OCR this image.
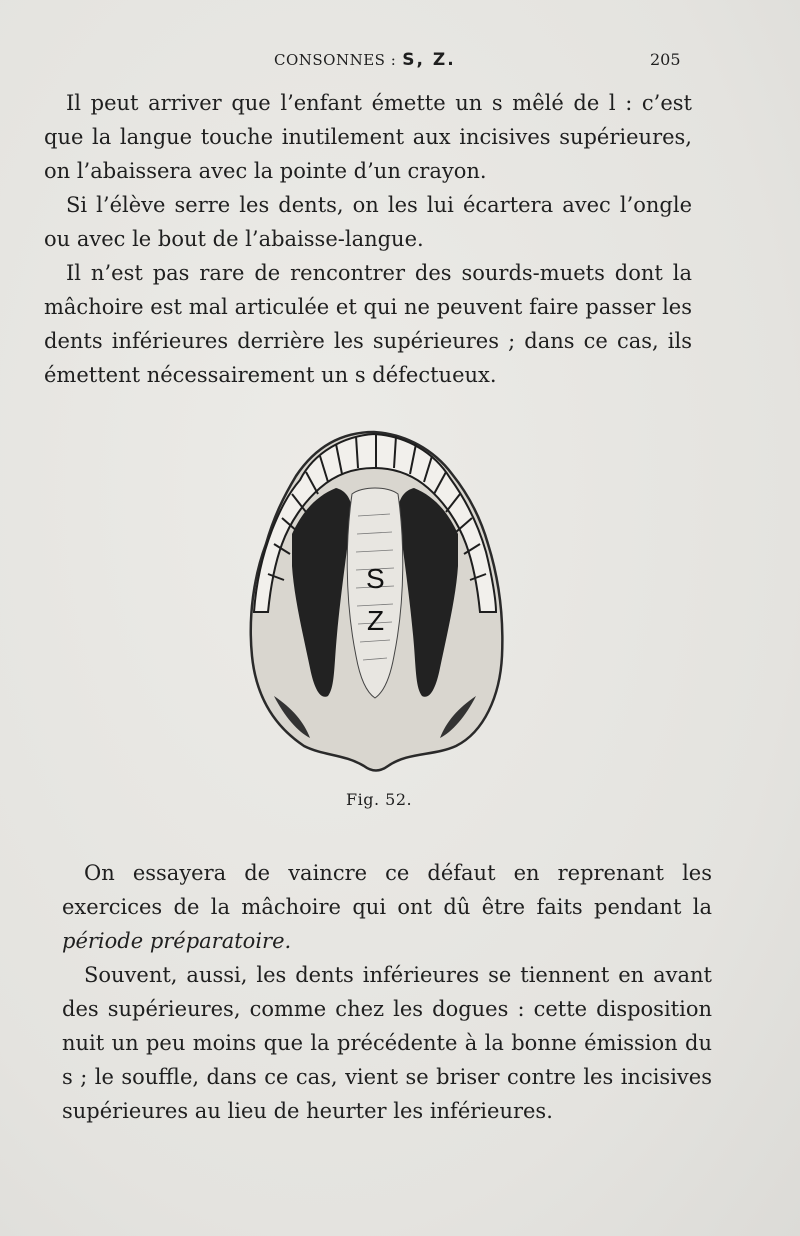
CONSONNES : S, Z.	205

Il peut arriver que l’enfant émette un s mêlé de l : c’est que la langue touche inutilement aux incisives supérieures, on l’abaissera avec la pointe d’un crayon.

Si l’élève serre les dents, on les lui écartera avec l’ongle ou avec le bout de l’abaisse-langue.

Il n’est pas rare de rencontrer des sourds-muets dont la mâchoire est mal articulée et qui ne peuvent faire passer les dents inférieures derrière les supérieures ; dans ce cas, ils émettent nécessairement un s défectueux.

S
Z
Fig. 52.

On essayera de vaincre ce défaut en reprenant les exercices de la mâchoire qui ont dû être faits pendant la période préparatoire.

Souvent, aussi, les dents inférieures se tiennent en avant des supérieures, comme chez les dogues : cette disposition nuit un peu moins que la précédente à la bonne émission du s ; le souffle, dans ce cas, vient se briser contre les incisives supérieures au lieu de heurter les inférieures.
